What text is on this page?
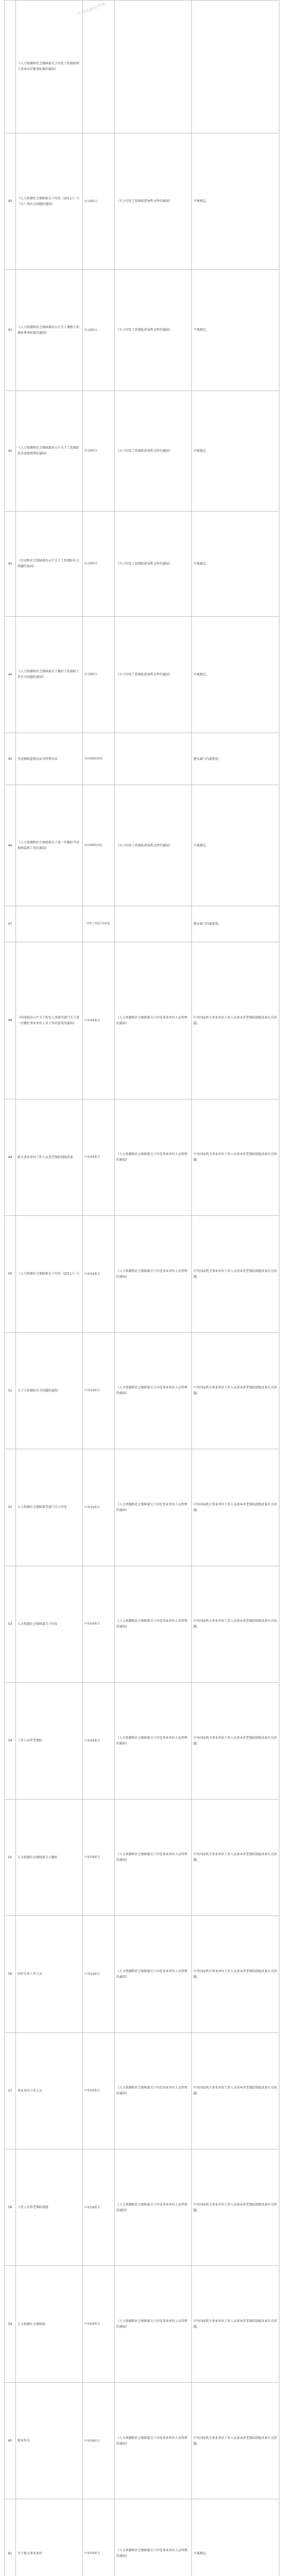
	《人力资源和社会保障部关于印发工伤保险职工基本医疗服务标准的通知》			
40	《人力资源社会保障部关于印发（2011）》号（七）项有关问题的通知》	社会保险司	《关于印发工伤保险指导性文件的通知》	不再规定。
41	《人力资源和社会保障部办公厅关于调整工伤保险费率政策的通知》	社会保险司	《关于印发工伤保险指导性文件的通知》	不再规定。
42	《人力资源和社会保障部办公厅关于工伤保险基金省级统筹的通知》	社会保险司	《关于印发工伤保险指导性文件的通知》	不再规定。
43	《劳动和社会保障部办公厅关于工伤保险有关问题的复函》	社会保险司	《关于印发工伤保险指导性文件的通知》	不再规定。
44	《人力资源和社会保障部关于做好工伤保险工作有关问题的通知》	社会保险司	《关于印发工伤保险指导性文件的通知》	不再规定。
45	劳动保障监察员证书管理办法	劳动保障监察局		建议部门内部使用。
46	《人力资源和社会保障部关于进一步做好劳动保障监察工作的通知》	劳动保障监察局	《关于印发工伤保险指导性文件的通知》	不再规定。
47		一次性工伤医疗补助金		建议部门内部使用。
48	《国务院办公厅关于转发人事部等部门关于进一步做好事业单位人员工作的意见的通知》	中央国家机关	《人力资源和社会保障部关于印发事业单位人员管理的通知》	中央国家机关事业单位工作人员基本养老保险制度改革有关问题。
49	机关事业单位工作人员养老保险制度改革	中央国家机关	《人力资源和社会保障部关于印发事业单位人员管理的通知》	中央国家机关事业单位工作人员基本养老保险制度改革有关问题。
50	《人力资源社会保障部关于印发（2011）》号	中央国家机关	《人力资源和社会保障部关于印发事业单位人员管理的通知》	中央国家机关事业单位工作人员基本养老保险制度改革有关问题。
51	关于工伤保险有关问题的通知	中央国家机关	《人力资源和社会保障部关于印发事业单位人员管理的通知》	中央国家机关事业单位工作人员基本养老保险制度改革有关问题。
52	人力资源社会保障部等部门关于印发	中央国家机关	《人力资源和社会保障部关于印发事业单位人员管理的通知》	中央国家机关事业单位工作人员基本养老保险制度改革有关问题。
53	人力资源社会保障部关于印发	中央国家机关	《人力资源和社会保障部关于印发事业单位人员管理的通知》	中央国家机关事业单位工作人员基本养老保险制度改革有关问题。
54	工作人员养老保险	中央国家机关	《人力资源和社会保障部关于印发事业单位人员管理的通知》	中央国家机关事业单位工作人员基本养老保险制度改革有关问题。
55	人力资源社会保障部关于做好	中央国家机关	《人力资源和社会保障部关于印发事业单位人员管理的通知》	中央国家机关事业单位工作人员基本养老保险制度改革有关问题。
56	国有企业工作人员	中央国家机关	《人力资源和社会保障部关于印发事业单位人员管理的通知》	中央国家机关事业单位工作人员基本养老保险制度改革有关问题。
57	事业单位工作人员	中央国家机关	《人力资源和社会保障部关于印发事业单位人员管理的通知》	中央国家机关事业单位工作人员基本养老保险制度改革有关问题。
58	工作人员养老保险制度	中央国家机关	《人力资源和社会保障部关于印发事业单位人员管理的通知》	中央国家机关事业单位工作人员基本养老保险制度改革有关问题。
59	人力资源社会保障部	中央国家机关	《人力资源和社会保障部关于印发事业单位人员管理的通知》	中央国家机关事业单位工作人员基本养老保险制度改革有关问题。
60	职业年金	中央国家机关	《人力资源和社会保障部关于印发事业单位人员管理的通知》	中央国家机关事业单位工作人员基本养老保险制度改革有关问题。
61	关于机关事业单位	中央国家机关	《人力资源和社会保障部关于印发事业单位人员管理的通知》	不再规定。

中国高新技术网
